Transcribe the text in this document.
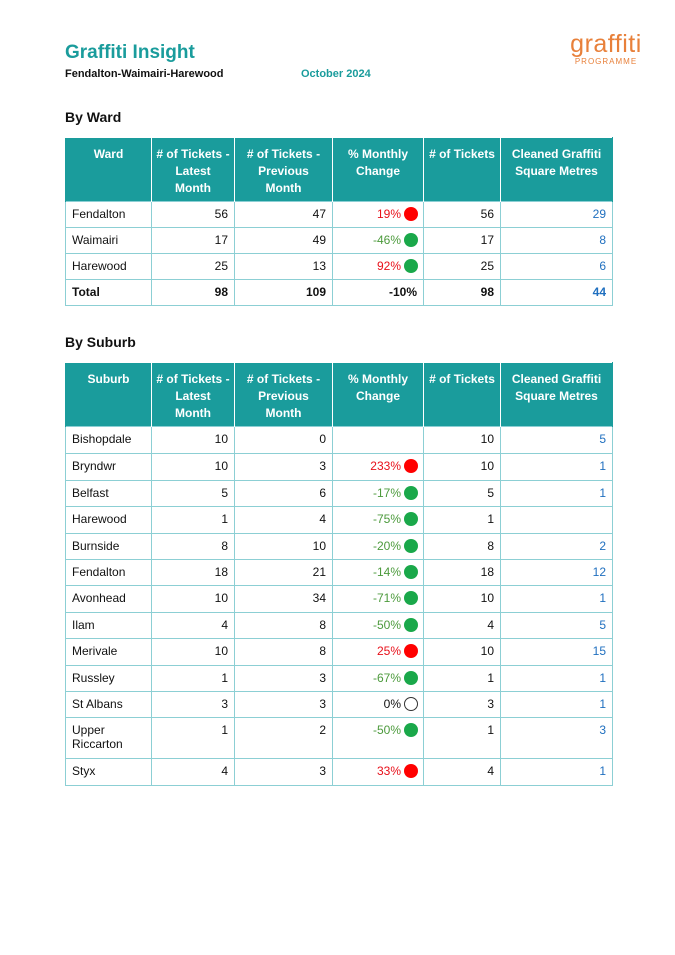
Graffiti Insight
Fendalton-Waimairi-Harewood	October 2024
graffiti
PROGRAMME
By Ward
Ward	# of Tickets - Latest Month	# of Tickets - Previous Month	% Monthly Change	# of Tickets	Cleaned Graffiti Square Metres
Fendalton	56	47	19%	56	29
Waimairi	17	49	-46%	17	8
Harewood	25	13	92%	25	6
Total	98	109	-10%	98	44
By Suburb
Suburb	# of Tickets - Latest Month	# of Tickets - Previous Month	% Monthly Change	# of Tickets	Cleaned Graffiti Square Metres
Bishopdale	10	0		10	5
Bryndwr	10	3	233%	10	1
Belfast	5	6	-17%	5	1
Harewood	1	4	-75%	1	
Burnside	8	10	-20%	8	2
Fendalton	18	21	-14%	18	12
Avonhead	10	34	-71%	10	1
Ilam	4	8	-50%	4	5
Merivale	10	8	25%	10	15
Russley	1	3	-67%	1	1
St Albans	3	3	0%	3	1
Upper Riccarton	1	2	-50%	1	3
Styx	4	3	33%	4	1
